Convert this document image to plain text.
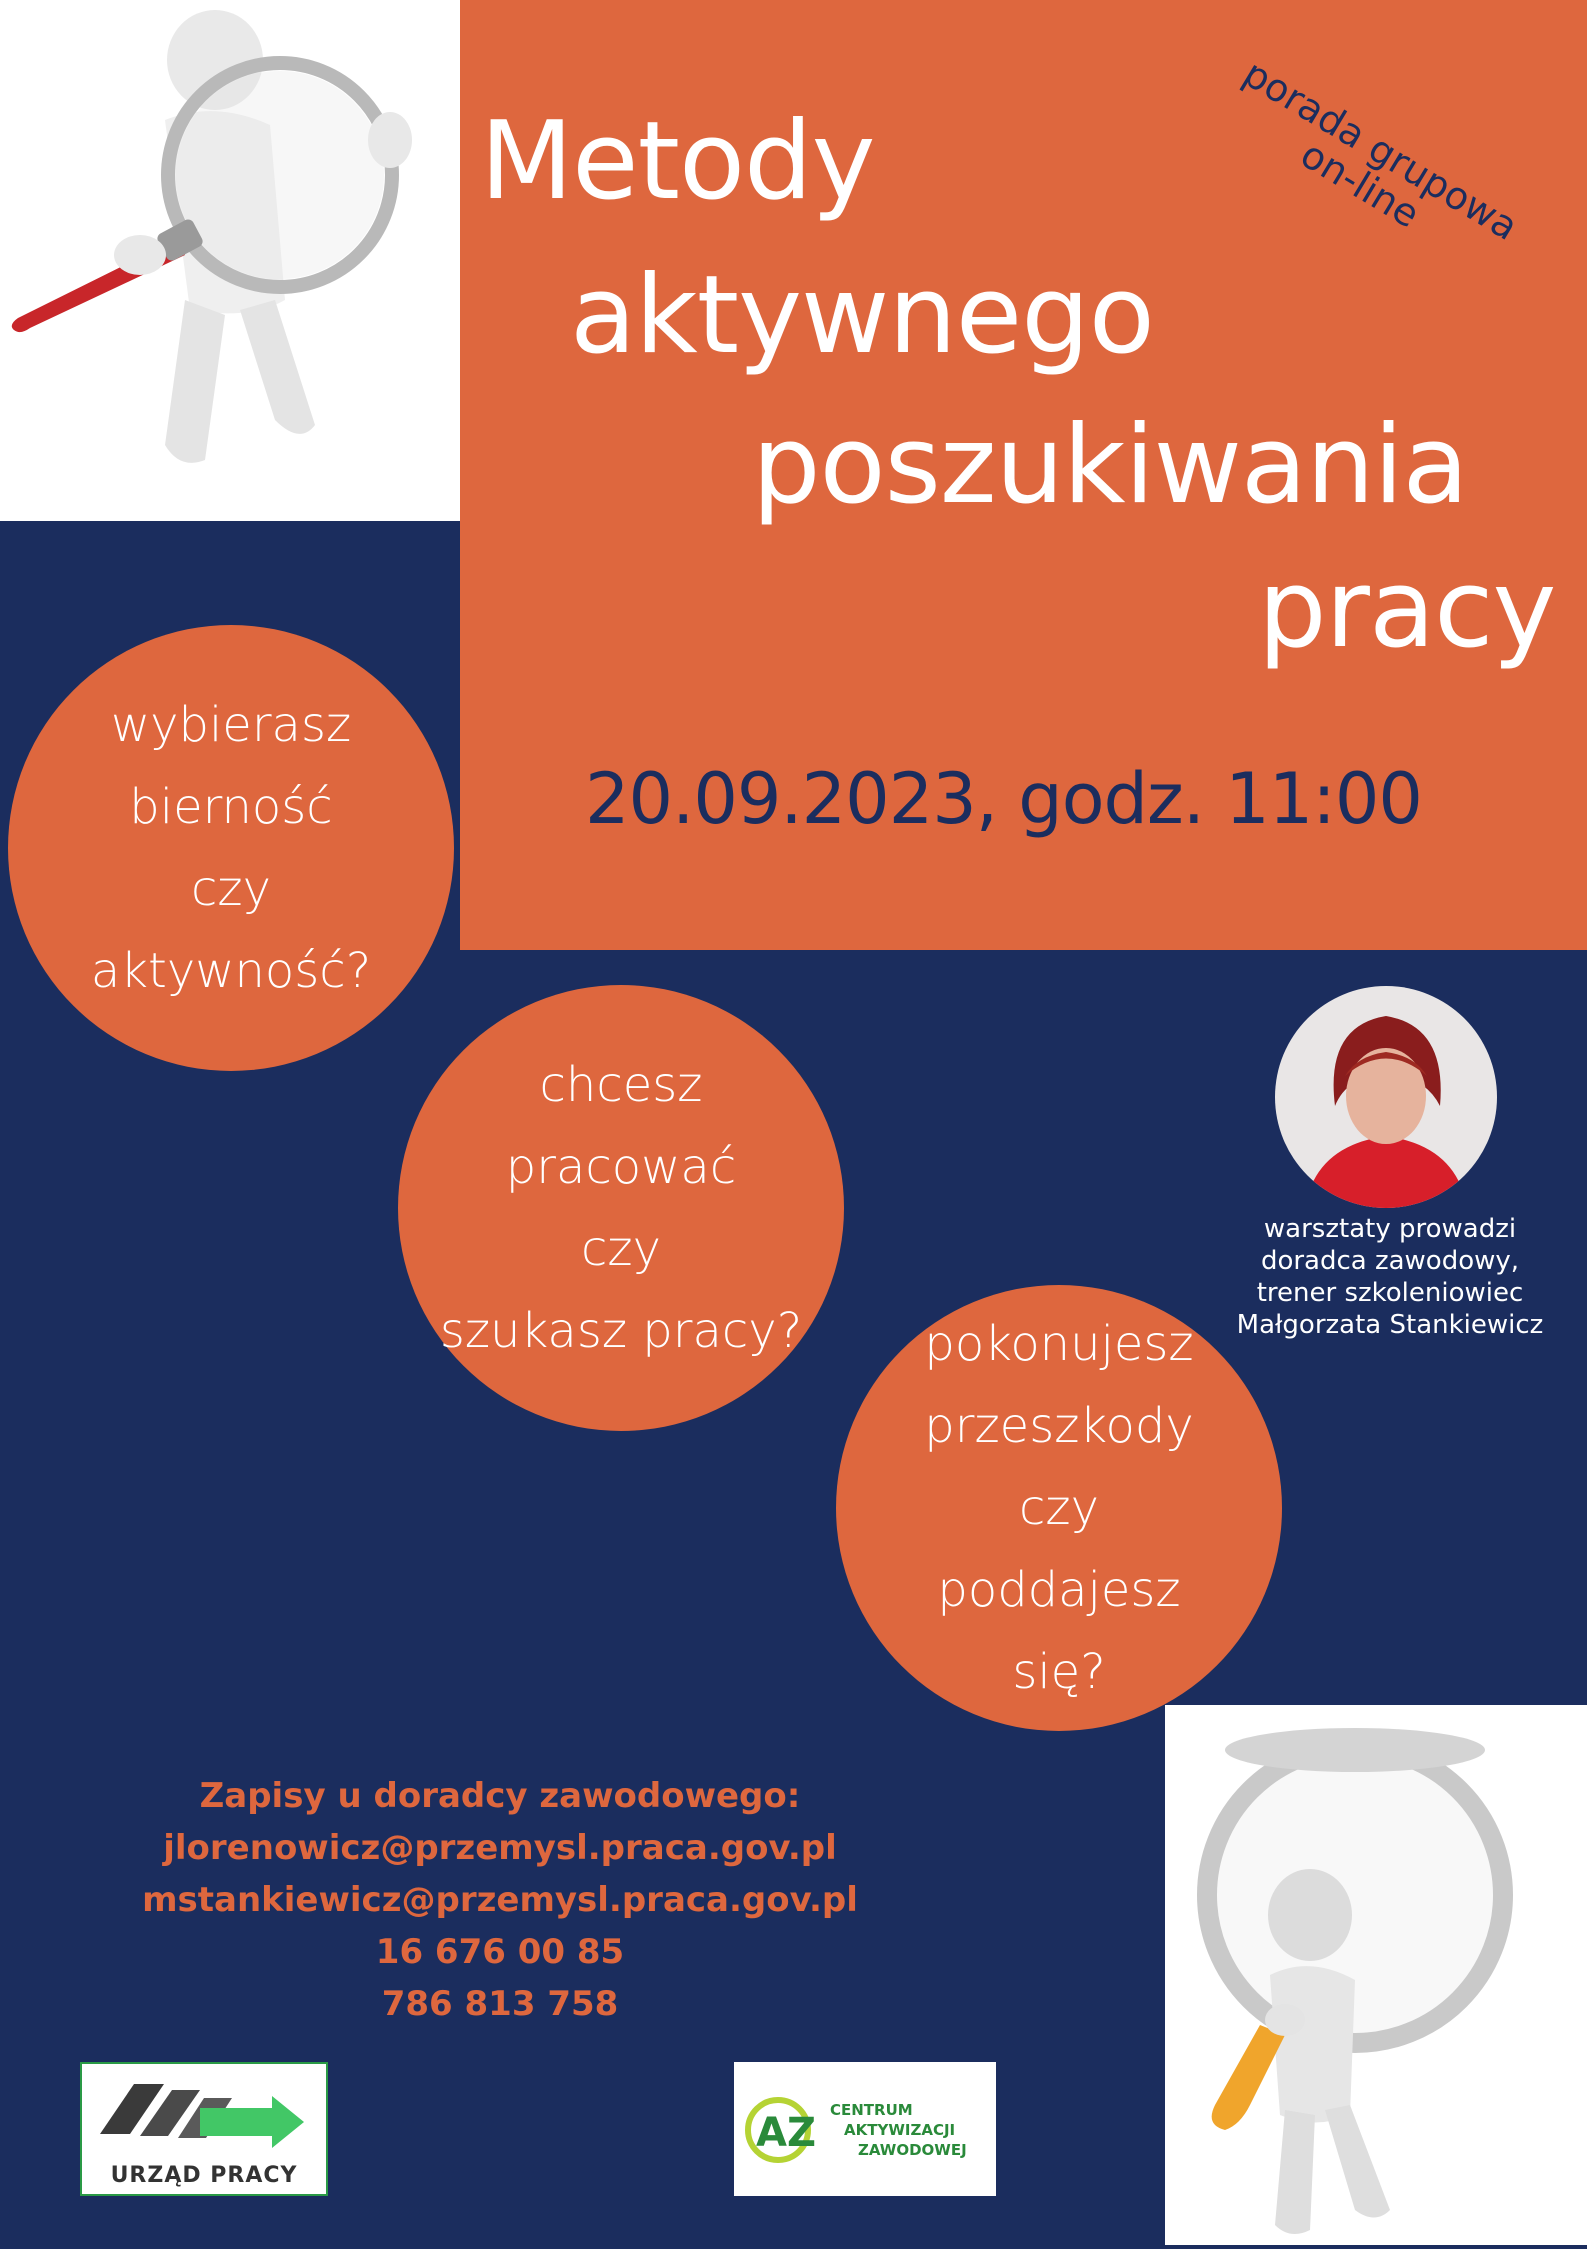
Metody
aktywnego
poszukiwania
pracy
porada grupowa
on-line
20.09.2023, godz. 11:00
wybierasz
bierność
czy
aktywność?
chcesz
pracować
czy
szukasz pracy?	pokonujesz
przeszkody
czy
poddajesz
się?
warsztaty prowadzi
doradca zawodowy,
trener szkoleniowiec
Małgorzata Stankiewicz
Zapisy u doradcy zawodowego:
jlorenowicz@przemysl.praca.gov.pl
mstankiewicz@przemysl.praca.gov.pl
16 676 00 85
786 813 758
URZĄD PRACY
AZ CENTRUM
AKTYWIZACJI
ZAWODOWEJ
